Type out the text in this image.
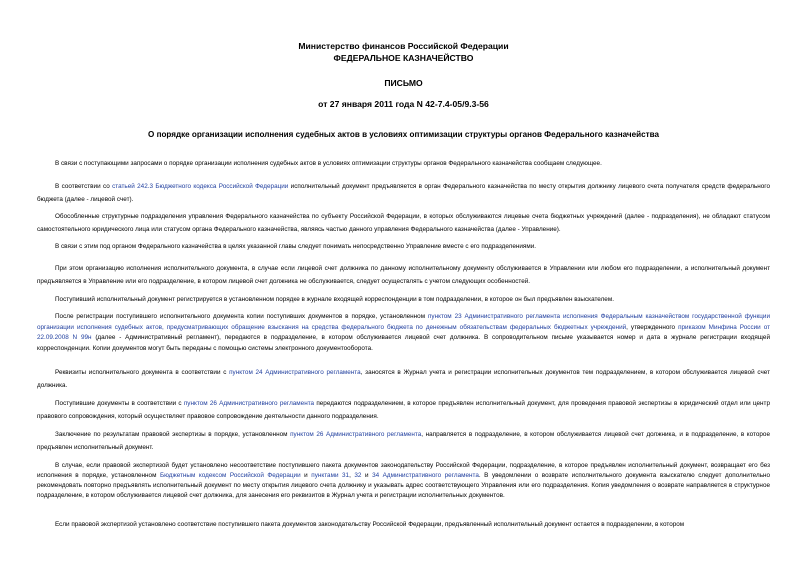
Министерство финансов Российской Федерации
ФЕДЕРАЛЬНОЕ КАЗНАЧЕЙСТВО
ПИСЬМО
от 27 января 2011 года N 42-7.4-05/9.3-56
О порядке организации исполнения судебных актов в условиях оптимизации структуры органов Федерального казначейства
В связи с поступающими запросами о порядке организации исполнения судебных актов в условиях оптимизации структуры органов Федерального казначейства сообщаем следующее.
В соответствии со статьей 242.3 Бюджетного кодекса Российской Федерации исполнительный документ предъявляется в орган Федерального казначейства по месту открытия должнику лицевого счета получателя средств федерального бюджета (далее - лицевой счет).
Обособленные структурные подразделения управления Федерального казначейства по субъекту Российской Федерации, в которых обслуживаются лицевые счета бюджетных учреждений (далее - подразделения), не обладают статусом самостоятельного юридического лица или статусом органа Федерального казначейства, являясь частью данного управления Федерального казначейства (далее - Управление).
В связи с этим под органом Федерального казначейства в целях указанной главы следует понимать непосредственно Управление вместе с его подразделениями.
При этом организацию исполнения исполнительного документа, в случае если лицевой счет должника по данному исполнительному документу обслуживается в Управлении или любом его подразделении, а исполнительный документ предъявляется в Управление или его подразделение, в котором лицевой счет должника не обслуживается, следует осуществлять с учетом следующих особенностей.
Поступивший исполнительный документ регистрируется в установленном порядке в журнале входящей корреспонденции в том подразделении, в которое он был предъявлен взыскателем.
После регистрации поступившего исполнительного документа копии поступивших документов в порядке, установленном пунктом 23 Административного регламента исполнения Федеральным казначейством государственной функции организации исполнения судебных актов, предусматривающих обращение взыскания на средства федерального бюджета по денежным обязательствам федеральных бюджетных учреждений, утвержденного приказом Минфина России от 22.09.2008 N 99н (далее - Административный регламент), передаются в подразделение, в котором обслуживается лицевой счет должника. В сопроводительном письме указывается номер и дата в журнале регистрации входящей корреспонденции. Копии документов могут быть переданы с помощью системы электронного документооборота.
Реквизиты исполнительного документа в соответствии с пунктом 24 Административного регламента, заносятся в Журнал учета и регистрации исполнительных документов тем подразделением, в котором обслуживается лицевой счет должника.
Поступившие документы в соответствии с пунктом 26 Административного регламента передаются подразделением, в которое предъявлен исполнительный документ, для проведения правовой экспертизы в юридический отдел или центр правового сопровождения, который осуществляет правовое сопровождение деятельности данного подразделения.
Заключение по результатам правовой экспертизы в порядке, установленном пунктом 26 Административного регламента, направляется в подразделение, в котором обслуживается лицевой счет должника, и в подразделение, в которое предъявлен исполнительный документ.
В случае, если правовой экспертизой будет установлено несоответствие поступившего пакета документов законодательству Российской Федерации, подразделение, в которое предъявлен исполнительный документ, возвращает его без исполнения в порядке, установленном Бюджетным кодексом Российской Федерации и пунктами 31, 32 и 34 Административного регламента. В уведомлении о возврате исполнительного документа взыскателю следует дополнительно рекомендовать повторно предъявлять исполнительный документ по месту открытия лицевого счета должнику и указывать адрес соответствующего Управления или его подразделения. Копия уведомления о возврате направляется в структурное подразделение, в котором обслуживается лицевой счет должника, для занесения его реквизитов в Журнал учета и регистрации исполнительных документов.
Если правовой экспертизой установлено соответствие поступившего пакета документов законодательству Российской Федерации, предъявленный исполнительный документ остается в подразделении, в котором
